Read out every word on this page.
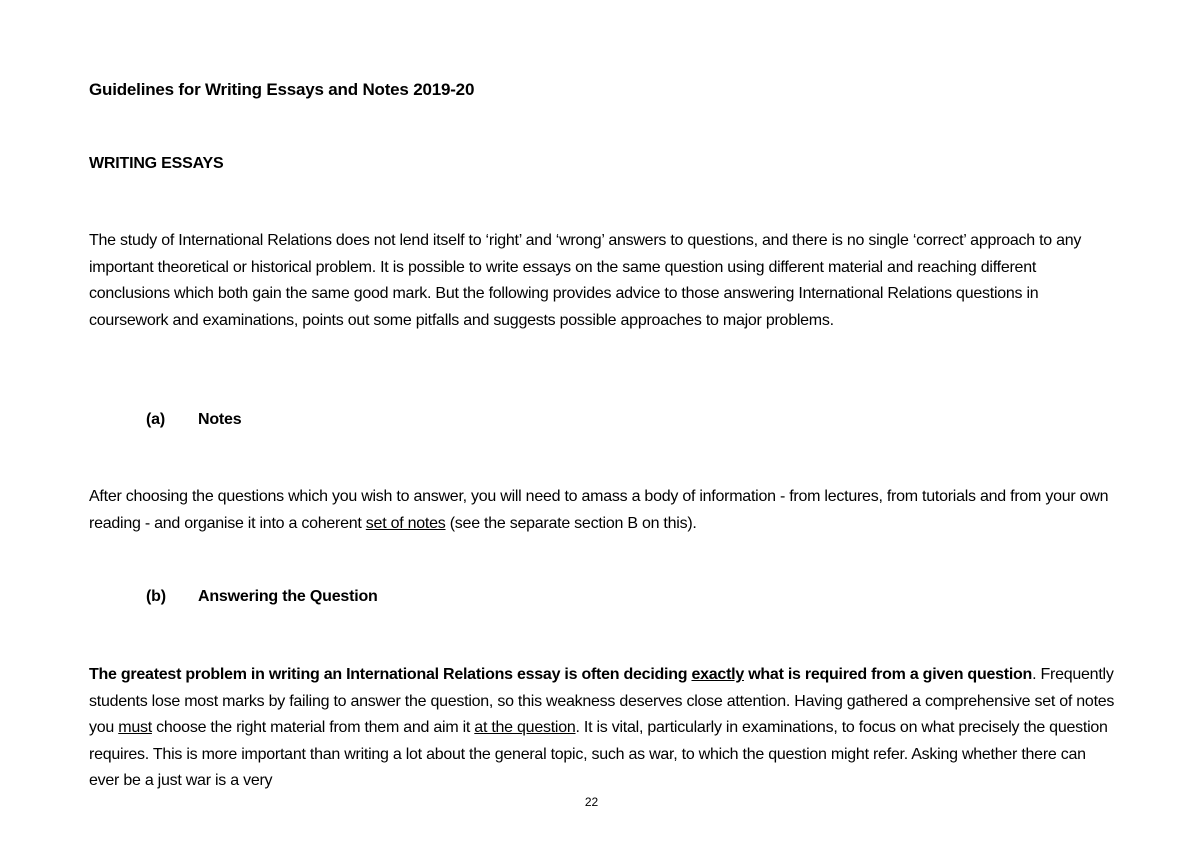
Guidelines for Writing Essays and Notes 2019-20
WRITING ESSAYS

The study of International Relations does not lend itself to ‘right’ and ‘wrong’ answers to questions, and there is no single ‘correct’ approach to any important theoretical or historical problem. It is possible to write essays on the same question using different material and reaching different conclusions which both gain the same good mark. But the following provides advice to those answering International Relations questions in coursework and examinations, points out some pitfalls and suggests possible approaches to major problems.

(a) Notes

After choosing the questions which you wish to answer, you will need to amass a body of information - from lectures, from tutorials and from your own reading - and organise it into a coherent set of notes (see the separate section B on this).

(b) Answering the Question

The greatest problem in writing an International Relations essay is often deciding exactly what is required from a given question. Frequently students lose most marks by failing to answer the question, so this weakness deserves close attention. Having gathered a comprehensive set of notes you must choose the right material from them and aim it at the question. It is vital, particularly in examinations, to focus on what precisely the question requires. This is more important than writing a lot about the general topic, such as war, to which the question might refer. Asking whether there can ever be a just war is a very

22
